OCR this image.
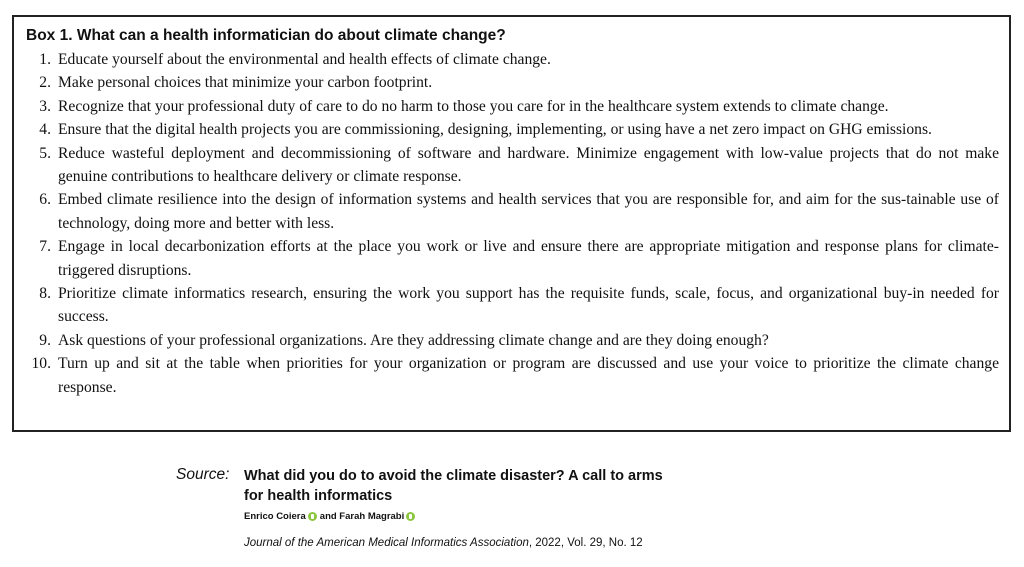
Box 1. What can a health informatician do about climate change?
1. Educate yourself about the environmental and health effects of climate change.
2. Make personal choices that minimize your carbon footprint.
3. Recognize that your professional duty of care to do no harm to those you care for in the healthcare system extends to climate change.
4. Ensure that the digital health projects you are commissioning, designing, implementing, or using have a net zero impact on GHG emissions.
5. Reduce wasteful deployment and decommissioning of software and hardware. Minimize engagement with low-value projects that do not make genuine contributions to healthcare delivery or climate response.
6. Embed climate resilience into the design of information systems and health services that you are responsible for, and aim for the sus-tainable use of technology, doing more and better with less.
7. Engage in local decarbonization efforts at the place you work or live and ensure there are appropriate mitigation and response plans for climate-triggered disruptions.
8. Prioritize climate informatics research, ensuring the work you support has the requisite funds, scale, focus, and organizational buy-in needed for success.
9. Ask questions of your professional organizations. Are they addressing climate change and are they doing enough?
10. Turn up and sit at the table when priorities for your organization or program are discussed and use your voice to prioritize the climate change response.
Source: What did you do to avoid the climate disaster? A call to arms for health informatics
Enrico Coiera and Farah Magrabi
Journal of the American Medical Informatics Association, 2022, Vol. 29, No. 12
